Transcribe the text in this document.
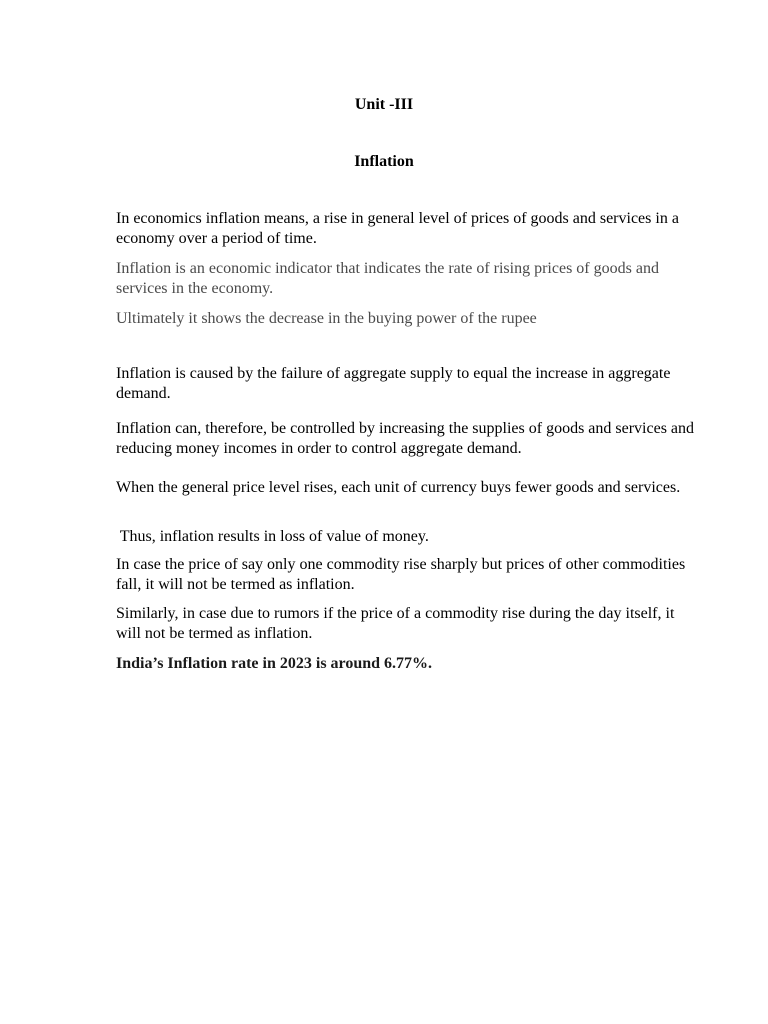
Unit -III
Inflation

In economics inflation means, a rise in general level of prices of goods and services in a economy over a period of time.

Inflation is an economic indicator that indicates the rate of rising prices of goods and services in the economy.

Ultimately it shows the decrease in the buying power of the rupee

Inflation is caused by the failure of aggregate supply to equal the increase in aggregate demand.

Inflation can, therefore, be controlled by increasing the supplies of goods and services and reducing money incomes in order to control aggregate demand.

When the general price level rises, each unit of currency buys fewer goods and services.

Thus, inflation results in loss of value of money.

In case the price of say only one commodity rise sharply but prices of other commodities fall, it will not be termed as inflation.

Similarly, in case due to rumors if the price of a commodity rise during the day itself, it will not be termed as inflation.

India’s Inflation rate in 2023 is around 6.77%.
